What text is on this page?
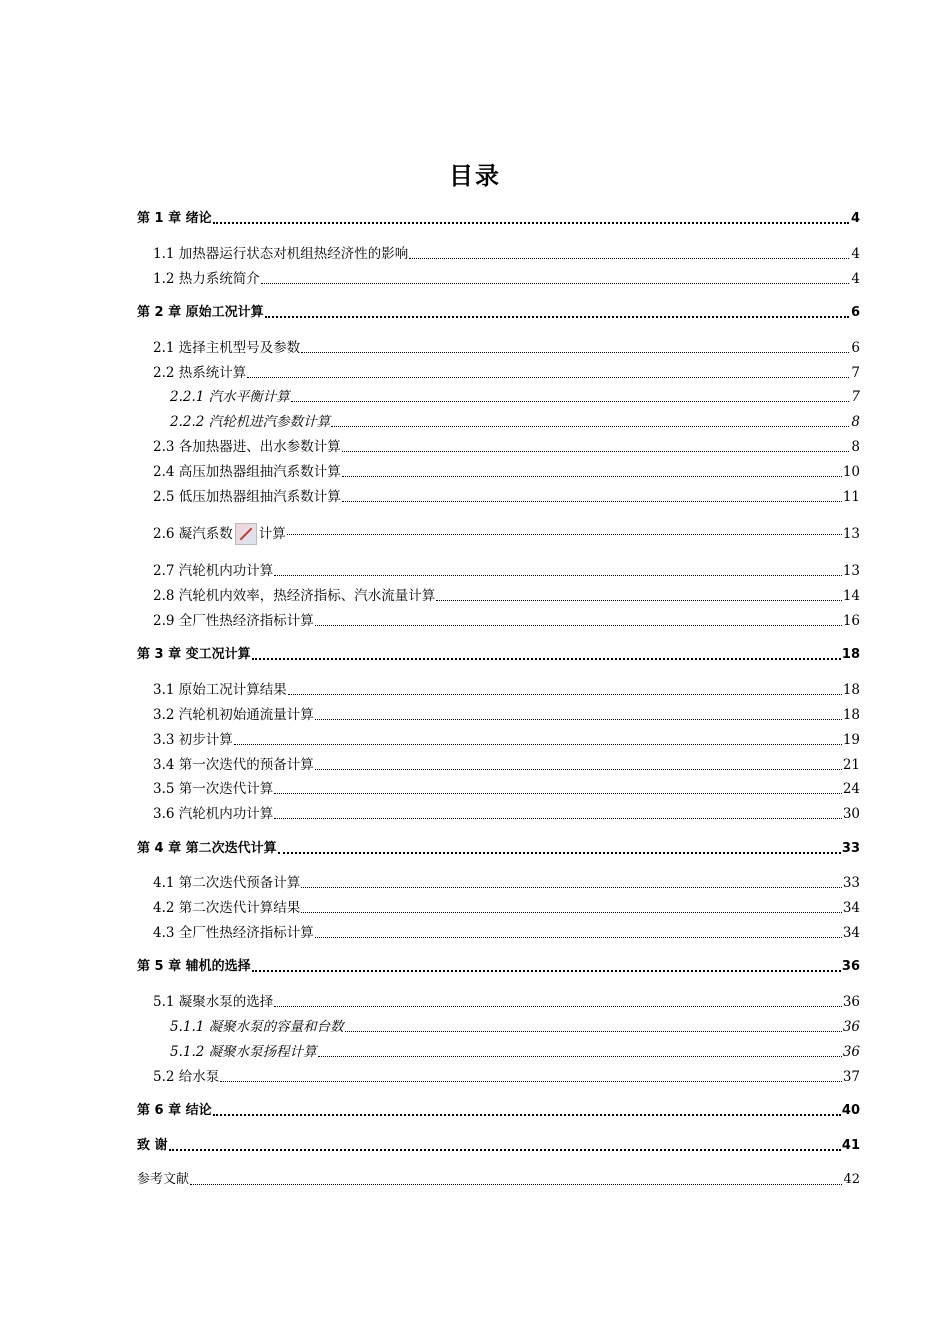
目录
第 1 章 绪论	4
1.1 加热器运行状态对机组热经济性的影响	4
1.2 热力系统简介	4
第 2 章 原始工况计算	6
2.1 选择主机型号及参数	6
2.2 热系统计算	7
2.2.1 汽水平衡计算	7
2.2.2 汽轮机进汽参数计算	8
2.3 各加热器进、出水参数计算	8
2.4 高压加热器组抽汽系数计算	10
2.5 低压加热器组抽汽系数计算	11
2.6 凝汽系数 计算	13
2.7 汽轮机内功计算	13
2.8 汽轮机内效率，热经济指标、汽水流量计算	14
2.9 全厂性热经济指标计算	16
第 3 章 变工况计算	18
3.1 原始工况计算结果	18
3.2 汽轮机初始通流量计算	18
3.3 初步计算	19
3.4 第一次迭代的预备计算	21
3.5 第一次迭代计算	24
3.6 汽轮机内功计算	30
第 4 章 第二次迭代计算	33
4.1 第二次迭代预备计算	33
4.2 第二次迭代计算结果	34
4.3 全厂性热经济指标计算	34
第 5 章 辅机的选择	36
5.1 凝聚水泵的选择	36
5.1.1 凝聚水泵的容量和台数	36
5.1.2 凝聚水泵扬程计算	36
5.2 给水泵	37
第 6 章 结论	40
致 谢	41
参考文献	42
